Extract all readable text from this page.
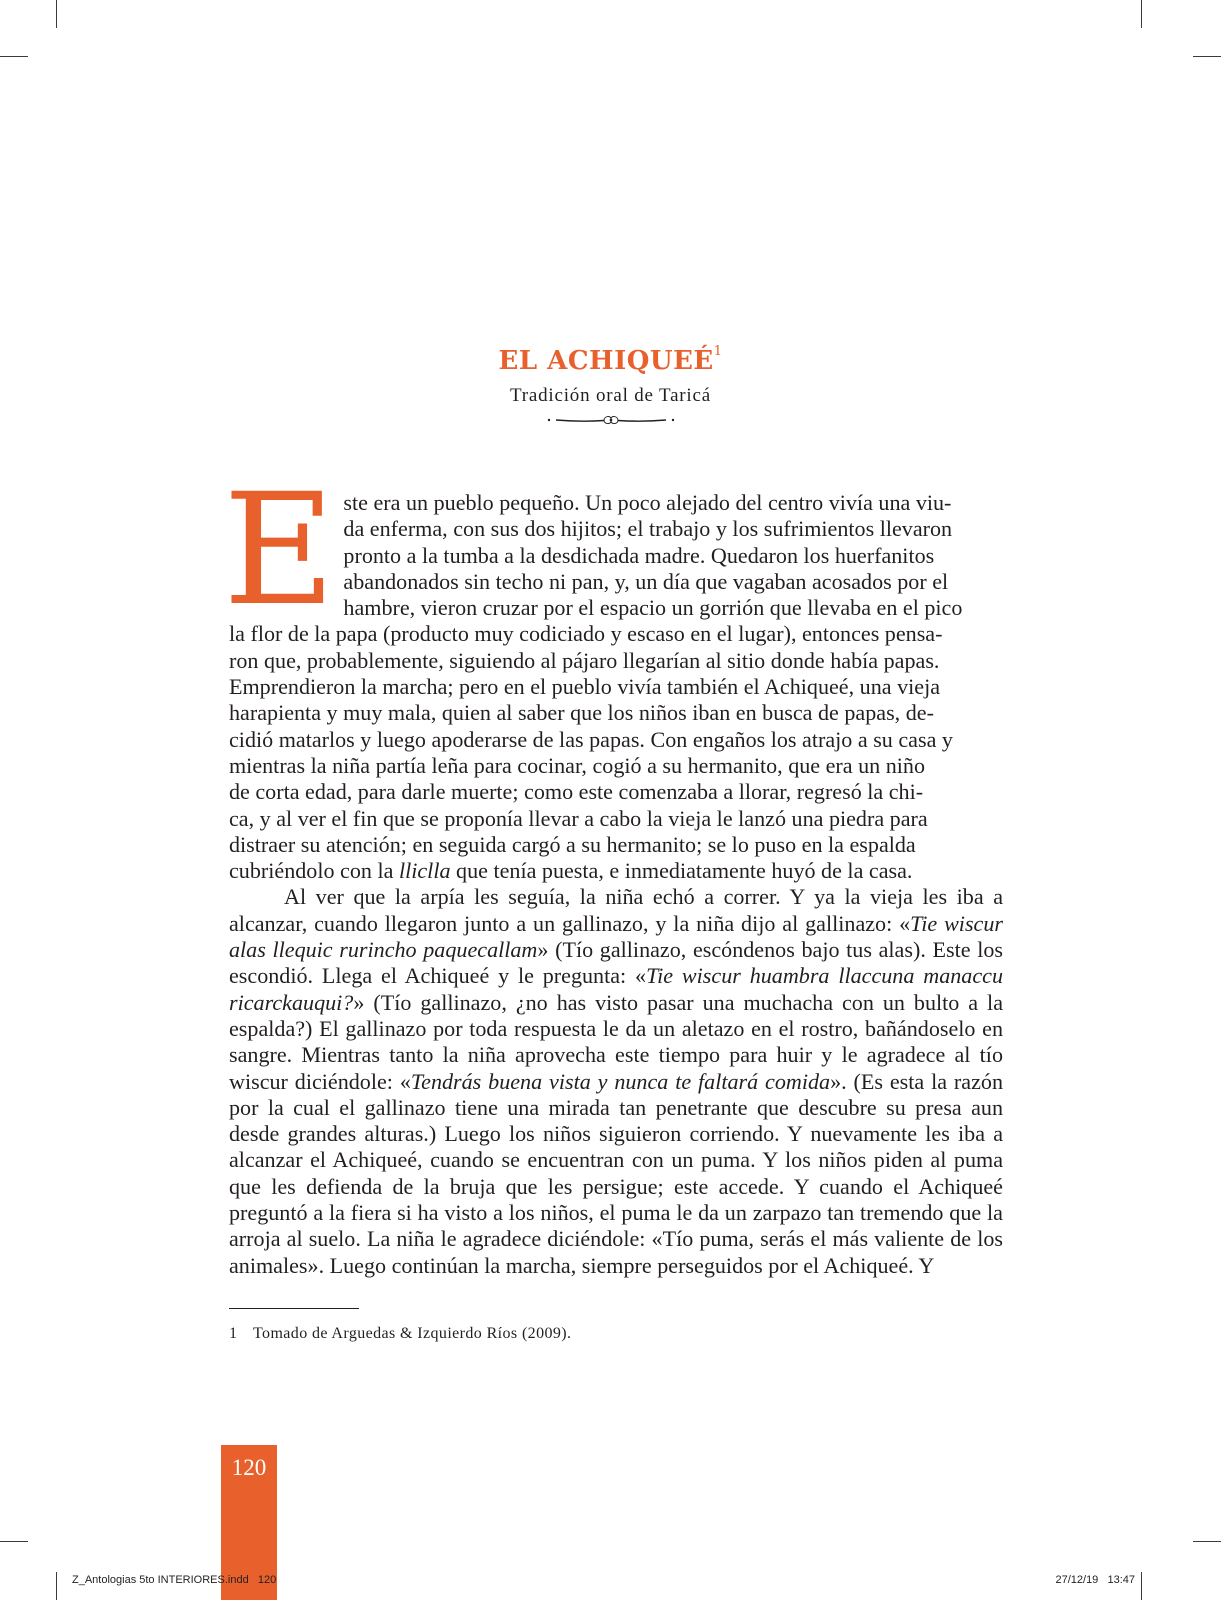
EL ACHIQUEÉ$^1$
Tradición oral de Taricá
E ste era un pueblo pequeño. Un poco alejado del centro vivía una viu-
da enferma, con sus dos hijitos; el trabajo y los sufrimientos llevaron
pronto a la tumba a la desdichada madre. Quedaron los huerfanitos
abandonados sin techo ni pan, y, un día que vagaban acosados por el
hambre, vieron cruzar por el espacio un gorrión que llevaba en el pico
la flor de la papa (producto muy codiciado y escaso en el lugar), entonces pensa-
ron que, probablemente, siguiendo al pájaro llegarían al sitio donde había papas.
Emprendieron la marcha; pero en el pueblo vivía también el Achiqueé, una vieja
harapienta y muy mala, quien al saber que los niños iban en busca de papas, de-
cidió matarlos y luego apoderarse de las papas. Con engaños los atrajo a su casa y
mientras la niña partía leña para cocinar, cogió a su hermanito, que era un niño
de corta edad, para darle muerte; como este comenzaba a llorar, regresó la chi-
ca, y al ver el fin que se proponía llevar a cabo la vieja le lanzó una piedra para
distraer su atención; en seguida cargó a su hermanito; se lo puso en la espalda
cubriéndolo con la lliclla que tenía puesta, e inmediatamente huyó de la casa.

Al ver que la arpía les seguía, la niña echó a correr. Y ya la vieja les iba a alcanzar, cuando llegaron junto a un gallinazo, y la niña dijo al gallinazo: «Tie wiscur alas llequic rurincho paquecallam» (Tío gallinazo, escóndenos bajo tus alas). Este los escondió. Llega el Achiqueé y le pregunta: «Tie wiscur huambra llaccuna manaccu ricarckauqui?» (Tío gallinazo, ¿no has visto pasar una muchacha con un bulto a la espalda?) El gallinazo por toda respuesta le da un aletazo en el rostro, bañándoselo en sangre. Mientras tanto la niña aprovecha este tiempo para huir y le agradece al tío wiscur diciéndole: «Tendrás buena vista y nunca te faltará comida». (Es esta la razón por la cual el gallinazo tiene una mirada tan penetrante que descubre su presa aun desde grandes alturas.) Luego los niños siguieron corriendo. Y nuevamente les iba a alcanzar el Achiqueé, cuando se encuentran con un puma. Y los niños piden al puma que les defienda de la bruja que les persigue; este accede. Y cuando el Achiqueé preguntó a la fiera si ha visto a los niños, el puma le da un zarpazo tan tremendo que la arroja al suelo. La niña le agradece diciéndole: «Tío puma, serás el más valiente de los animales». Luego continúan la marcha, siempre perseguidos por el Achiqueé. Y

1 Tomado de Arguedas & Izquierdo Ríos (2009).
120
Z_Antologias 5to INTERIORES.indd   120	27/12/19   13:47
